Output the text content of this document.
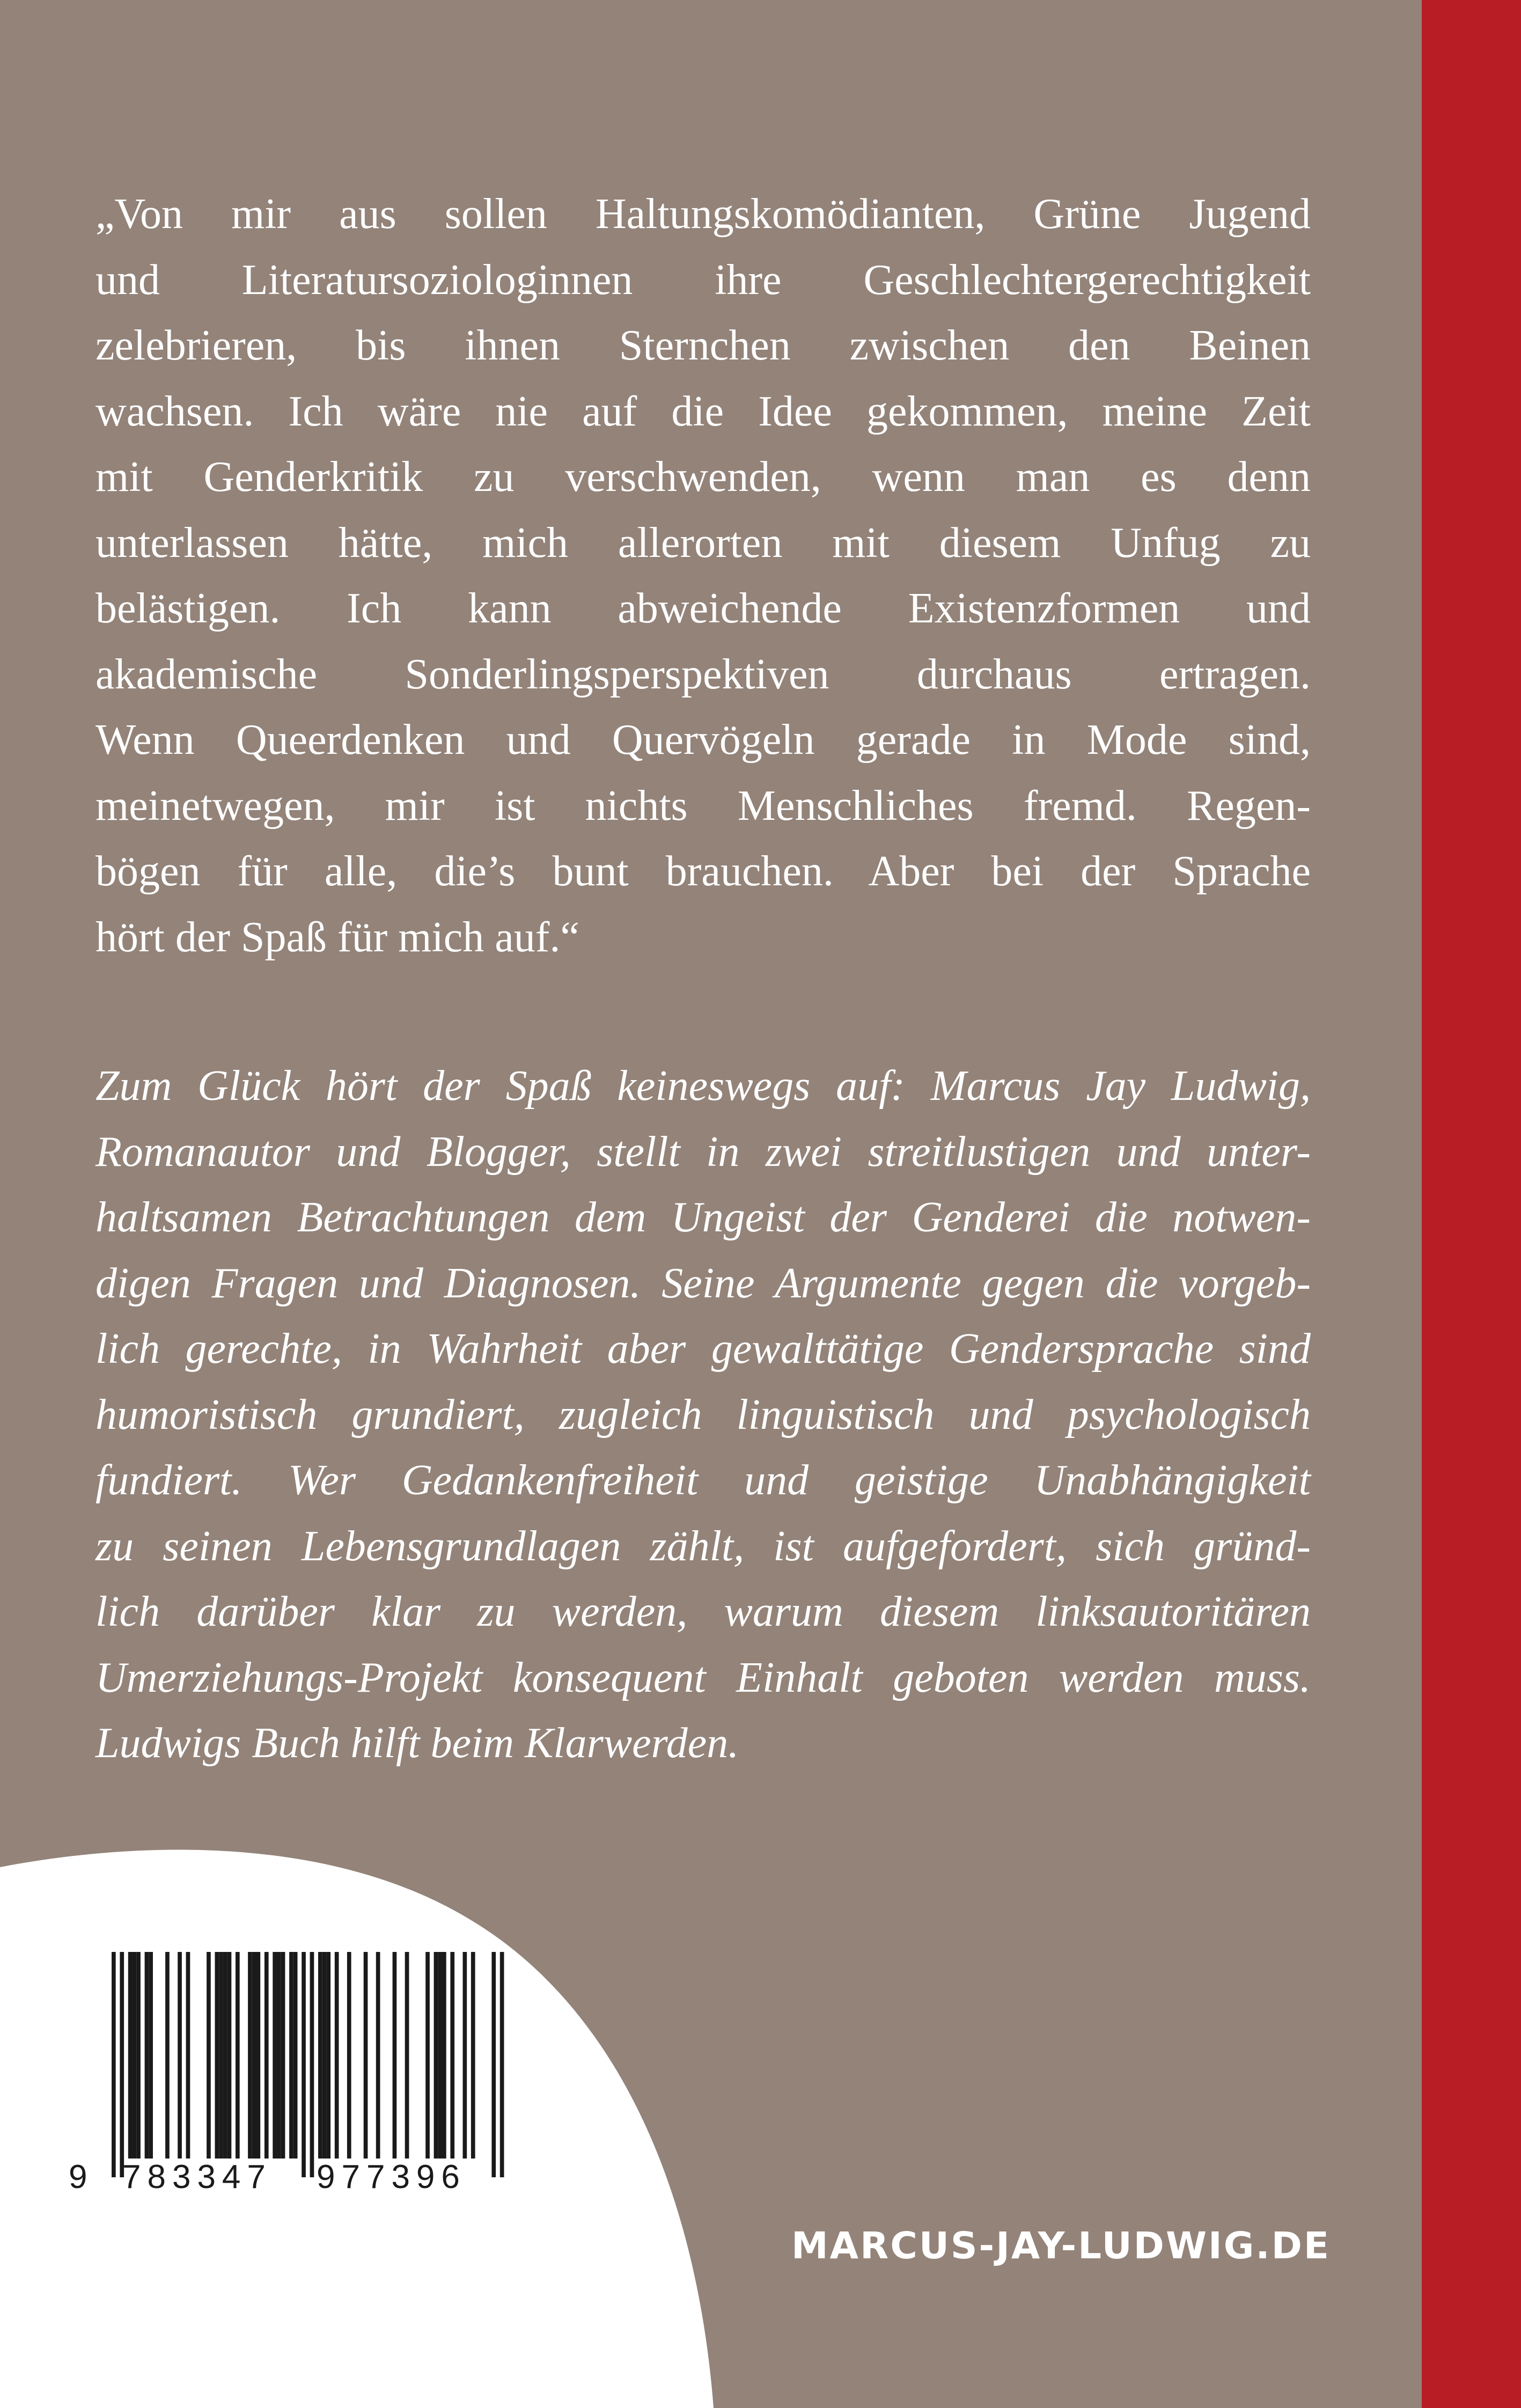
„Von mir aus sollen Haltungskomödianten, Grüne Jugend
und Literatursoziologinnen ihre Geschlechtergerechtigkeit
zelebrieren, bis ihnen Sternchen zwischen den Beinen
wachsen. Ich wäre nie auf die Idee gekommen, meine Zeit
mit Genderkritik zu verschwenden, wenn man es denn
unterlassen hätte, mich allerorten mit diesem Unfug zu
belästigen. Ich kann abweichende Existenzformen und
akademische Sonderlingsperspektiven durchaus ertragen.
Wenn Queerdenken und Quervögeln gerade in Mode sind,
meinetwegen, mir ist nichts Menschliches fremd. Regen-
bögen für alle, die’s bunt brauchen. Aber bei der Sprache
hört der Spaß für mich auf.“
Zum Glück hört der Spaß keineswegs auf: Marcus Jay Ludwig,
Romanautor und Blogger, stellt in zwei streitlustigen und unter-
haltsamen Betrachtungen dem Ungeist der Genderei die notwen-
digen Fragen und Diagnosen. Seine Argumente gegen die vorgeb-
lich gerechte, in Wahrheit aber gewalttätige Gendersprache sind
humoristisch grundiert, zugleich linguistisch und psychologisch
fundiert. Wer Gedankenfreiheit und geistige Unabhängigkeit
zu seinen Lebensgrundlagen zählt, ist aufgefordert, sich gründ-
lich darüber klar zu werden, warum diesem linksautoritären
Umerziehungs-Projekt konsequent Einhalt geboten werden muss.
Ludwigs Buch hilft beim Klarwerden.
9 783347 977396
MARCUS-JAY-LUDWIG.DE
